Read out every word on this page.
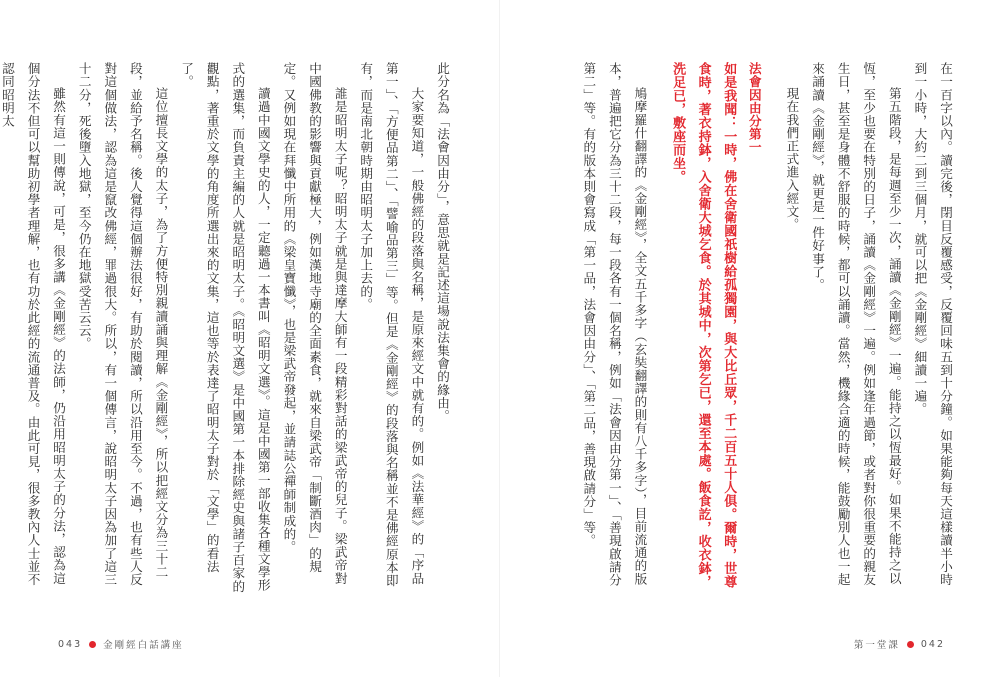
此分名為「法會因由分」，意思就是記述這場說法集會的緣由。

大家要知道，一般佛經的段落與名稱，是原來經文中就有的。例如《法華經》的「序品第一」、「方便品第二」、「譬喻品第三」等。但是《金剛經》的段落與名稱並不是佛經原本即有，而是南北朝時期由昭明太子加上去的。

誰是昭明太子呢？昭明太子就是與達摩大師有一段精彩對話的梁武帝的兒子。梁武帝對中國佛教的影響與貢獻極大，例如漢地寺廟的全面素食，就來自梁武帝「制斷酒肉」的規定。又例如現在拜懺中所用的《梁皇寶懺》，也是梁武帝發起，並請誌公禪師制成的。

讀過中國文學史的人，一定聽過一本書叫《昭明文選》。這是中國第一部收集各種文學形式的選集，而負責主編的人就是昭明太子。《昭明文選》是中國第一本排除經史與諸子百家的觀點，著重於文學的角度所選出來的文集，這也等於表達了昭明太子對於「文學」的看法了。

這位擅長文學的太子，為了方便特別親讀誦與理解《金剛經》，所以把經文分為三十二段，並給予名稱。後人覺得這個辦法很好，有助於閱讀，所以沿用至今。不過，也有些人反對這個做法，認為這是竄改佛經，罪過很大。所以，有一個傳言，說昭明太子因為加了這三十二分，死後墮入地獄，至今仍在地獄受苦云云。

雖然有這一則傳說，可是，很多講《金剛經》的法師，仍沿用昭明太子的分法，認為這個分法不但可以幫助初學者理解，也有功於此經的流通普及。由此可見，很多教內人士並不認同昭明太

043 金剛經白話講座

在一百字以內。讀完後，閉目反覆感受，反覆回味五到十分鐘。如果能夠每天這樣讀半小時到一小時，大約二到三個月，就可以把《金剛經》細讀一遍。

第五階段，是每週至少一次，誦讀《金剛經》一遍。能持之以恆最好。如果不能持之以恆，至少也要在特別的日子，誦讀《金剛經》一遍。例如逢年過節，或者對你很重要的親友生日，甚至是身體不舒服的時候，都可以誦讀。當然，機緣合適的時候，能鼓勵別人也一起來誦讀《金剛經》，就更是一件好事了。

現在我們正式進入經文。

法會因由分第一

如是我聞：一時，佛在舍衛國祇樹給孤獨園，與大比丘眾，千二百五十人俱。爾時，世尊食時，著衣持鉢，入舍衛大城乞食。於其城中，次第乞已，還至本處。飯食訖，收衣鉢，洗足已，敷座而坐。

鳩摩羅什翻譯的《金剛經》，全文五千多字（玄奘翻譯的則有八千多字），目前流通的版本，普遍把它分為三十二段，每一段各有一個名稱，例如「法會因由分第一」、「善現啟請分第二」等。有的版本則會寫成「第一品，法會因由分」、「第二品，善現啟請分」等。

第一堂課 042
